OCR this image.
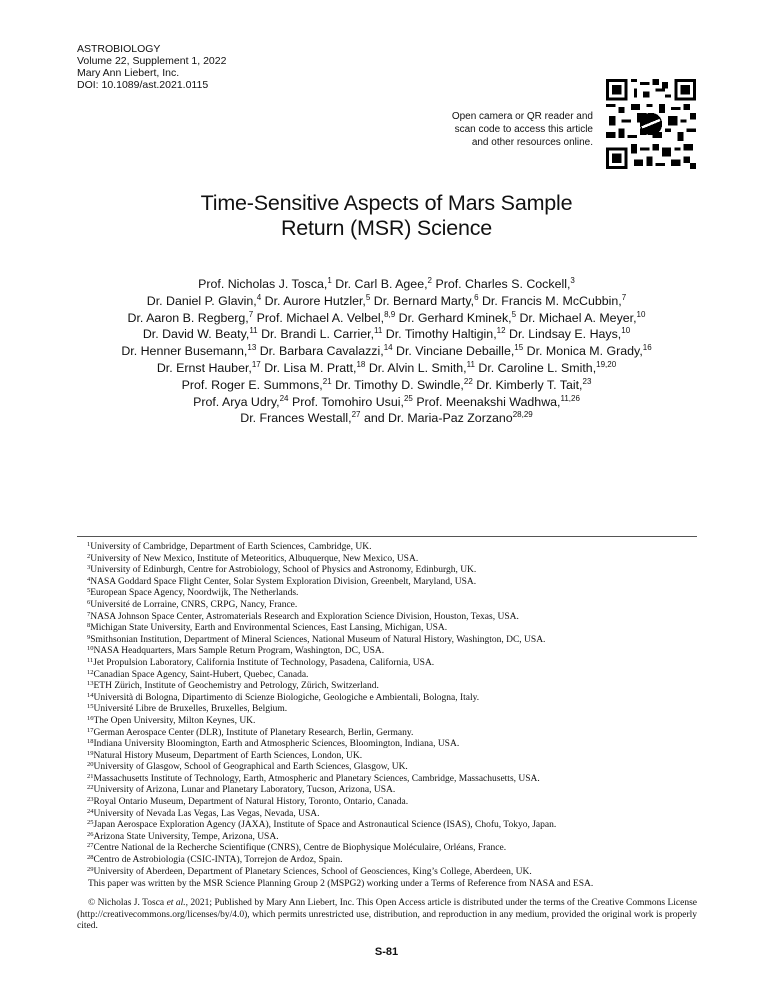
ASTROBIOLOGY
Volume 22, Supplement 1, 2022
Mary Ann Liebert, Inc.
DOI: 10.1089/ast.2021.0115
Open camera or QR reader and
scan code to access this article
and other resources online.
Time-Sensitive Aspects of Mars Sample
Return (MSR) Science
Prof. Nicholas J. Tosca,$^1$ Dr. Carl B. Agee,$^2$ Prof. Charles S. Cockell,$^3$
Dr. Daniel P. Glavin,$^4$ Dr. Aurore Hutzler,$^5$ Dr. Bernard Marty,$^6$ Dr. Francis M. McCubbin,$^7$
Dr. Aaron B. Regberg,$^7$ Prof. Michael A. Velbel,$^{8,9}$ Dr. Gerhard Kminek,$^5$ Dr. Michael A. Meyer,$^{10}$
Dr. David W. Beaty,$^{11}$ Dr. Brandi L. Carrier,$^{11}$ Dr. Timothy Haltigin,$^{12}$ Dr. Lindsay E. Hays,$^{10}$
Dr. Henner Busemann,$^{13}$ Dr. Barbara Cavalazzi,$^{14}$ Dr. Vinciane Debaille,$^{15}$ Dr. Monica M. Grady,$^{16}$
Dr. Ernst Hauber,$^{17}$ Dr. Lisa M. Pratt,$^{18}$ Dr. Alvin L. Smith,$^{11}$ Dr. Caroline L. Smith,$^{19,20}$
Prof. Roger E. Summons,$^{21}$ Dr. Timothy D. Swindle,$^{22}$ Dr. Kimberly T. Tait,$^{23}$
Prof. Arya Udry,$^{24}$ Prof. Tomohiro Usui,$^{25}$ Prof. Meenakshi Wadhwa,$^{11,26}$
Dr. Frances Westall,$^{27}$ and Dr. Maria-Paz Zorzano$^{28,29}$
$^1$University of Cambridge, Department of Earth Sciences, Cambridge, UK.
$^2$University of New Mexico, Institute of Meteoritics, Albuquerque, New Mexico, USA.
$^3$University of Edinburgh, Centre for Astrobiology, School of Physics and Astronomy, Edinburgh, UK.
$^4$NASA Goddard Space Flight Center, Solar System Exploration Division, Greenbelt, Maryland, USA.
$^5$European Space Agency, Noordwijk, The Netherlands.
$^6$Université de Lorraine, CNRS, CRPG, Nancy, France.
$^7$NASA Johnson Space Center, Astromaterials Research and Exploration Science Division, Houston, Texas, USA.
$^8$Michigan State University, Earth and Environmental Sciences, East Lansing, Michigan, USA.
$^9$Smithsonian Institution, Department of Mineral Sciences, National Museum of Natural History, Washington, DC, USA.
$^{10}$NASA Headquarters, Mars Sample Return Program, Washington, DC, USA.
$^{11}$Jet Propulsion Laboratory, California Institute of Technology, Pasadena, California, USA.
$^{12}$Canadian Space Agency, Saint-Hubert, Quebec, Canada.
$^{13}$ETH Zürich, Institute of Geochemistry and Petrology, Zürich, Switzerland.
$^{14}$Università di Bologna, Dipartimento di Scienze Biologiche, Geologiche e Ambientali, Bologna, Italy.
$^{15}$Université Libre de Bruxelles, Bruxelles, Belgium.
$^{16}$The Open University, Milton Keynes, UK.
$^{17}$German Aerospace Center (DLR), Institute of Planetary Research, Berlin, Germany.
$^{18}$Indiana University Bloomington, Earth and Atmospheric Sciences, Bloomington, Indiana, USA.
$^{19}$Natural History Museum, Department of Earth Sciences, London, UK.
$^{20}$University of Glasgow, School of Geographical and Earth Sciences, Glasgow, UK.
$^{21}$Massachusetts Institute of Technology, Earth, Atmospheric and Planetary Sciences, Cambridge, Massachusetts, USA.
$^{22}$University of Arizona, Lunar and Planetary Laboratory, Tucson, Arizona, USA.
$^{23}$Royal Ontario Museum, Department of Natural History, Toronto, Ontario, Canada.
$^{24}$University of Nevada Las Vegas, Las Vegas, Nevada, USA.
$^{25}$Japan Aerospace Exploration Agency (JAXA), Institute of Space and Astronautical Science (ISAS), Chofu, Tokyo, Japan.
$^{26}$Arizona State University, Tempe, Arizona, USA.
$^{27}$Centre National de la Recherche Scientifique (CNRS), Centre de Biophysique Moléculaire, Orléans, France.
$^{28}$Centro de Astrobiologia (CSIC-INTA), Torrejon de Ardoz, Spain.
$^{29}$University of Aberdeen, Department of Planetary Sciences, School of Geosciences, King’s College, Aberdeen, UK.
This paper was written by the MSR Science Planning Group 2 (MSPG2) working under a Terms of Reference from NASA and ESA.
© Nicholas J. Tosca et al., 2021; Published by Mary Ann Liebert, Inc. This Open Access article is distributed under the terms of the Creative Commons License (http://creativecommons.org/licenses/by/4.0), which permits unrestricted use, distribution, and reproduction in any medium, provided the original work is properly cited.
S-81
